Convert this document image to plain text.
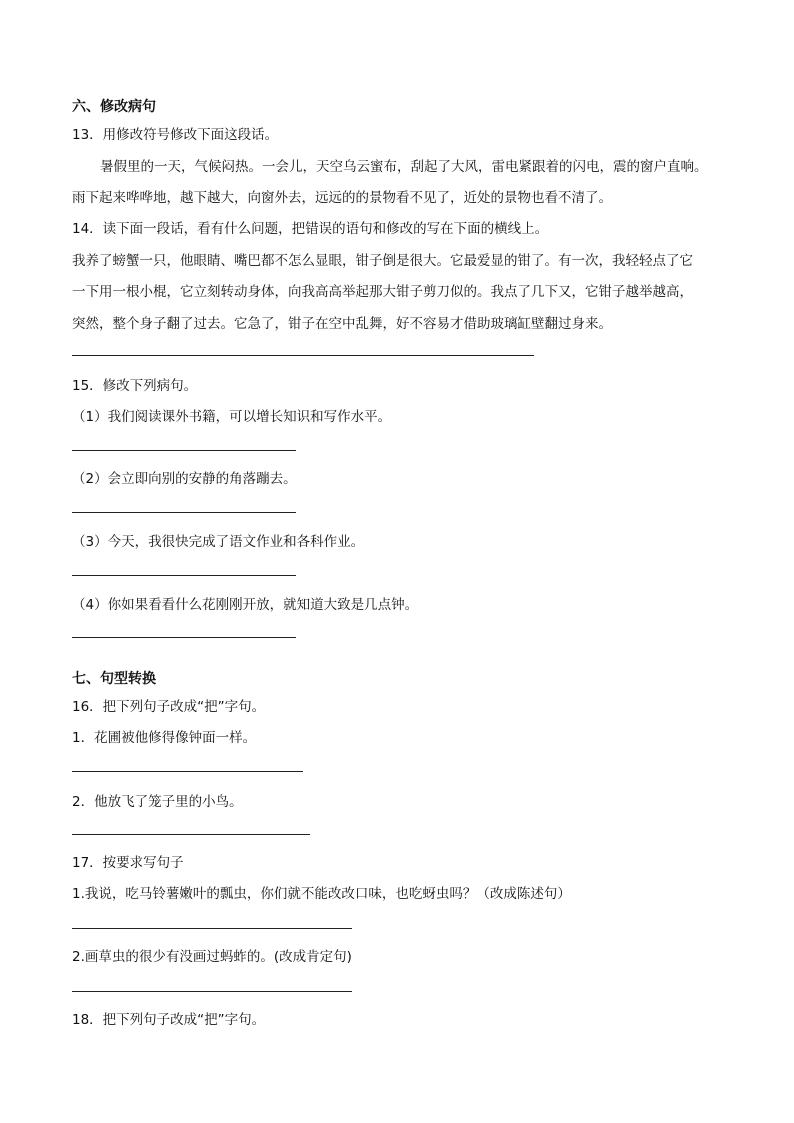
六、修改病句
13．用修改符号修改下面这段话。
暑假里的一天，气候闷热。一会儿，天空乌云蜜布，刮起了大风，雷电紧跟着的闪电，震的窗户直响。
雨下起来哗哗地，越下越大，向窗外去，远远的的景物看不见了，近处的景物也看不清了。
14．读下面一段话，看有什么问题，把错误的语句和修改的写在下面的横线上。
我养了螃蟹一只，他眼睛、嘴巴都不怎么显眼，钳子倒是很大。它最爱显的钳了。有一次，我轻轻点了它
一下用一根小棍，它立刻转动身体，向我高高举起那大钳子剪刀似的。我点了几下又，它钳子越举越高，
突然，整个身子翻了过去。它急了，钳子在空中乱舞，好不容易才借助玻璃缸壁翻过身来。
15．修改下列病句。
（1）我们阅读课外书籍，可以增长知识和写作水平。
（2）会立即向别的安静的角落蹦去。
（3）今天，我很快完成了语文作业和各科作业。
（4）你如果看看什么花刚刚开放，就知道大致是几点钟。
七、句型转换
16．把下列句子改成“把”字句。
1．花圃被他修得像钟面一样。
2．他放飞了笼子里的小鸟。
17．按要求写句子
1.我说，吃马铃薯嫩叶的瓢虫，你们就不能改改口味，也吃蚜虫吗？（改成陈述句）
2.画草虫的很少有没画过蚂蚱的。(改成肯定句)
18．把下列句子改成“把”字句。
